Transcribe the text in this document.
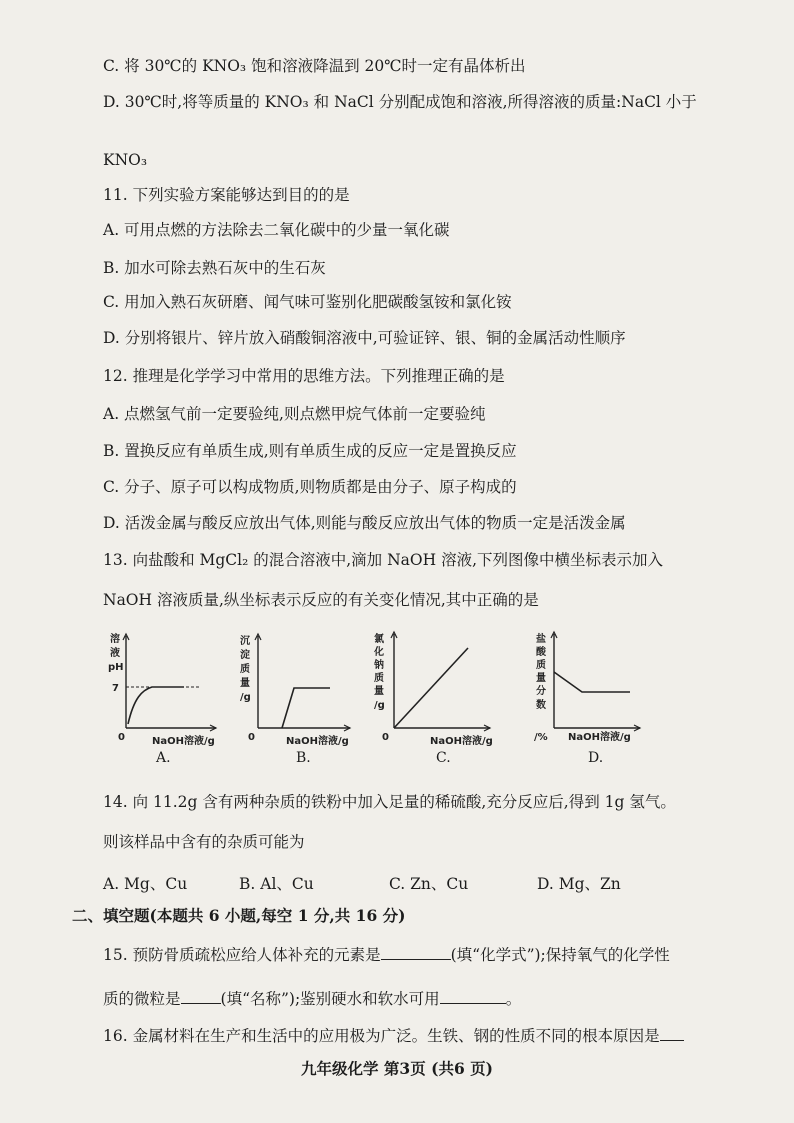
C. 将 30℃的 KNO₃ 饱和溶液降温到 20℃时一定有晶体析出
D. 30℃时,将等质量的 KNO₃ 和 NaCl 分别配成饱和溶液,所得溶液的质量:NaCl 小于
KNO₃
11. 下列实验方案能够达到目的的是
A. 可用点燃的方法除去二氧化碳中的少量一氧化碳
B. 加水可除去熟石灰中的生石灰
C. 用加入熟石灰研磨、闻气味可鉴别化肥碳酸氢铵和氯化铵
D. 分别将银片、锌片放入硝酸铜溶液中,可验证锌、银、铜的金属活动性顺序
12. 推理是化学学习中常用的思维方法。下列推理正确的是
A. 点燃氢气前一定要验纯,则点燃甲烷气体前一定要验纯
B. 置换反应有单质生成,则有单质生成的反应一定是置换反应
C. 分子、原子可以构成物质,则物质都是由分子、原子构成的
D. 活泼金属与酸反应放出气体,则能与酸反应放出气体的物质一定是活泼金属
13. 向盐酸和 MgCl₂ 的混合溶液中,滴加 NaOH 溶液,下列图像中横坐标表示加入
NaOH 溶液质量,纵坐标表示反应的有关变化情况,其中正确的是
溶
液
pH
7
0	NaOH溶液/g
沉
淀
质
量
/g
0	NaOH溶液/g
氯
化
钠
质
量
/g
0	NaOH溶液/g
盐
酸
质
量
分
数
/% NaOH溶液/g
A.	B.	C.	D.
14. 向 11.2g 含有两种杂质的铁粉中加入足量的稀硫酸,充分反应后,得到 1g 氢气。
则该样品中含有的杂质可能为
A. Mg、Cu	B. Al、Cu	C. Zn、Cu	D. Mg、Zn
二、填空题(本题共 6 小题,每空 1 分,共 16 分)
15. 预防骨质疏松应给人体补充的元素是	(填“化学式”);保持氧气的化学性
质的微粒是	(填“名称”);鉴别硬水和软水可用	。
16. 金属材料在生产和生活中的应用极为广泛。生铁、钢的性质不同的根本原因是
九年级化学 第3页 (共6 页)
